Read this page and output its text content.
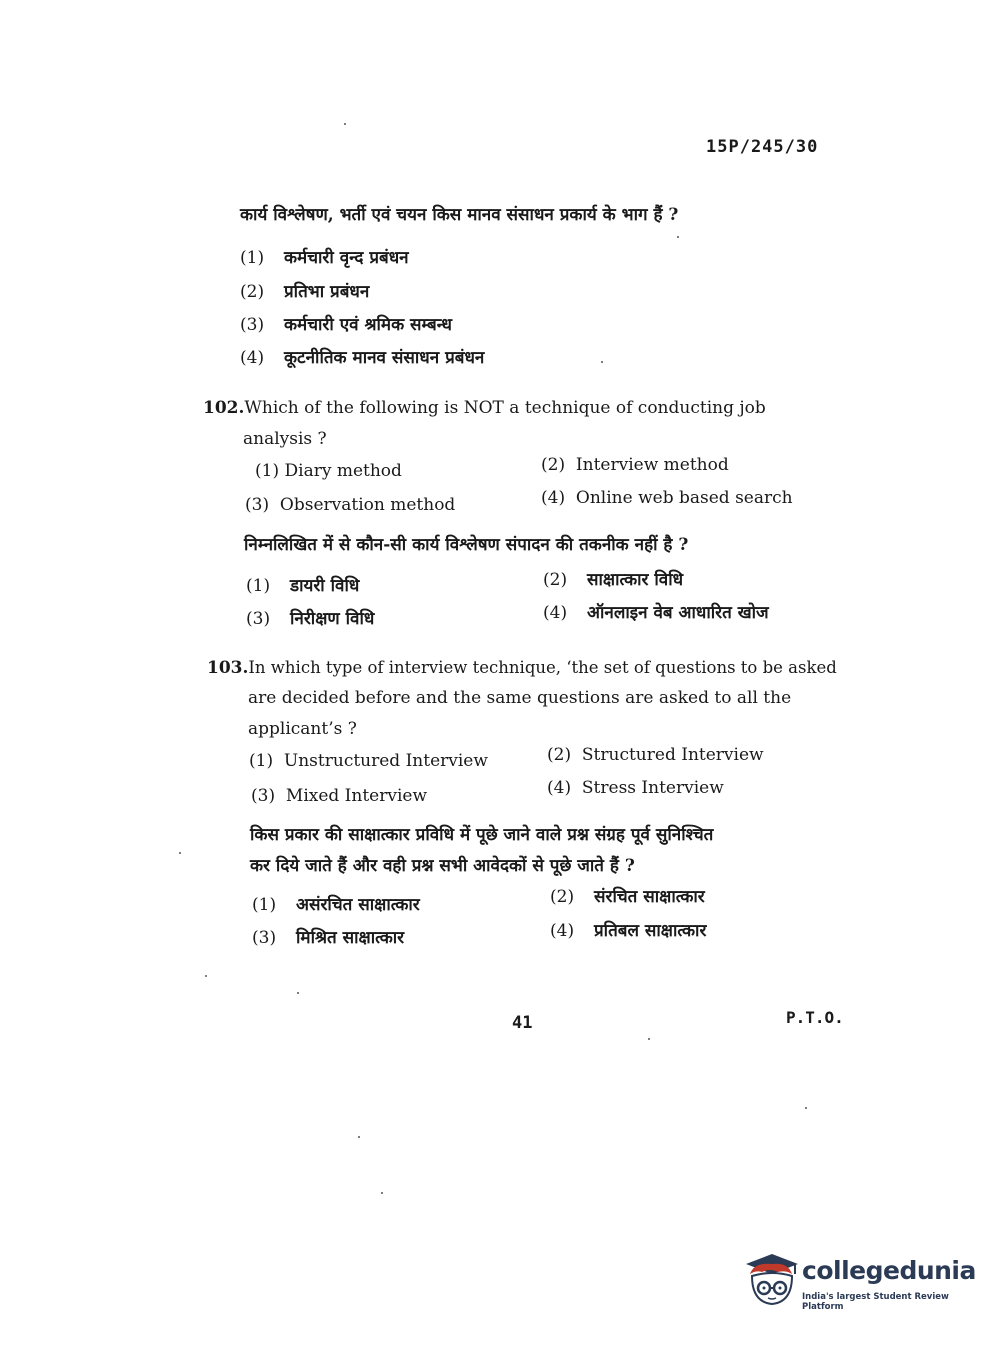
15P/245/30
कार्य विश्लेषण, भर्ती एवं चयन किस मानव संसाधन प्रकार्य के भाग हैं ?
(1) कर्मचारी वृन्द प्रबंधन
(2) प्रतिभा प्रबंधन
(3) कर्मचारी एवं श्रमिक सम्बन्ध
(4) कूटनीतिक मानव संसाधन प्रबंधन
102.Which of the following is NOT a technique of conducting job
analysis ?
(1) Diary method	(2) Interview method
(3) Observation method	(4) Online web based search
निम्नलिखित में से कौन-सी कार्य विश्लेषण संपादन की तकनीक नहीं है ?
(1) डायरी विधि	(2) साक्षात्कार विधि
(3) निरीक्षण विधि	(4) ऑनलाइन वेब आधारित खोज
103.In which type of interview technique, ‘the set of questions to be asked
are decided before and the same questions are asked to all the
applicant’s ?
(1) Unstructured Interview	(2) Structured Interview
(3) Mixed Interview	(4) Stress Interview
किस प्रकार की साक्षात्कार प्रविधि में पूछे जाने वाले प्रश्न संग्रह पूर्व सुनिश्चित
कर दिये जाते हैं और वही प्रश्न सभी आवेदकों से पूछे जाते हैं ?
(1) असंरचित साक्षात्कार	(2) संरचित साक्षात्कार
(3) मिश्रित साक्षात्कार	(4) प्रतिबल साक्षात्कार
41	P.T.O.
collegedunia
India's largest Student Review Platform
